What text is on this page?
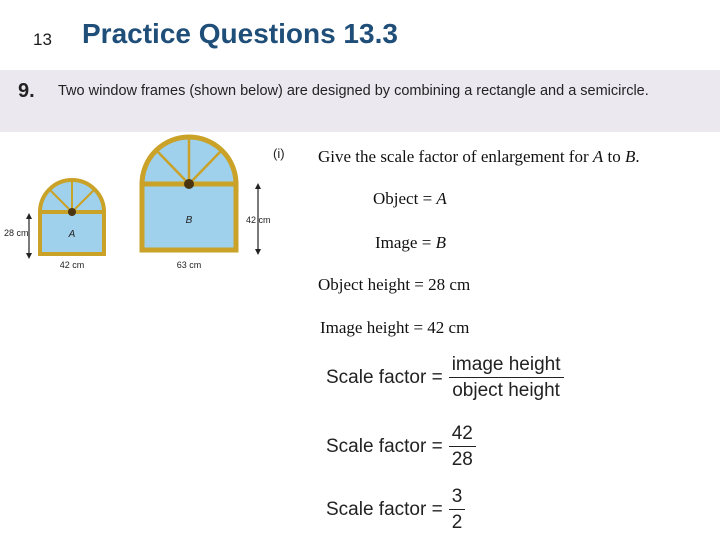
13 Practice Questions 13.3
9. Two window frames (shown below) are designed by combining a rectangle and a semicircle.
A
B
28 cm
42 cm
42 cm
63 cm
(i) Give the scale factor of enlargement for A to B.
Object = A
Image = B
Object height = 28 cm
Image height = 42 cm
Scale factor = $\frac{\text{image height}}{\text{object height}}$
Scale factor = $\frac{42}{28}$
Scale factor = $\frac{3}{2}$
